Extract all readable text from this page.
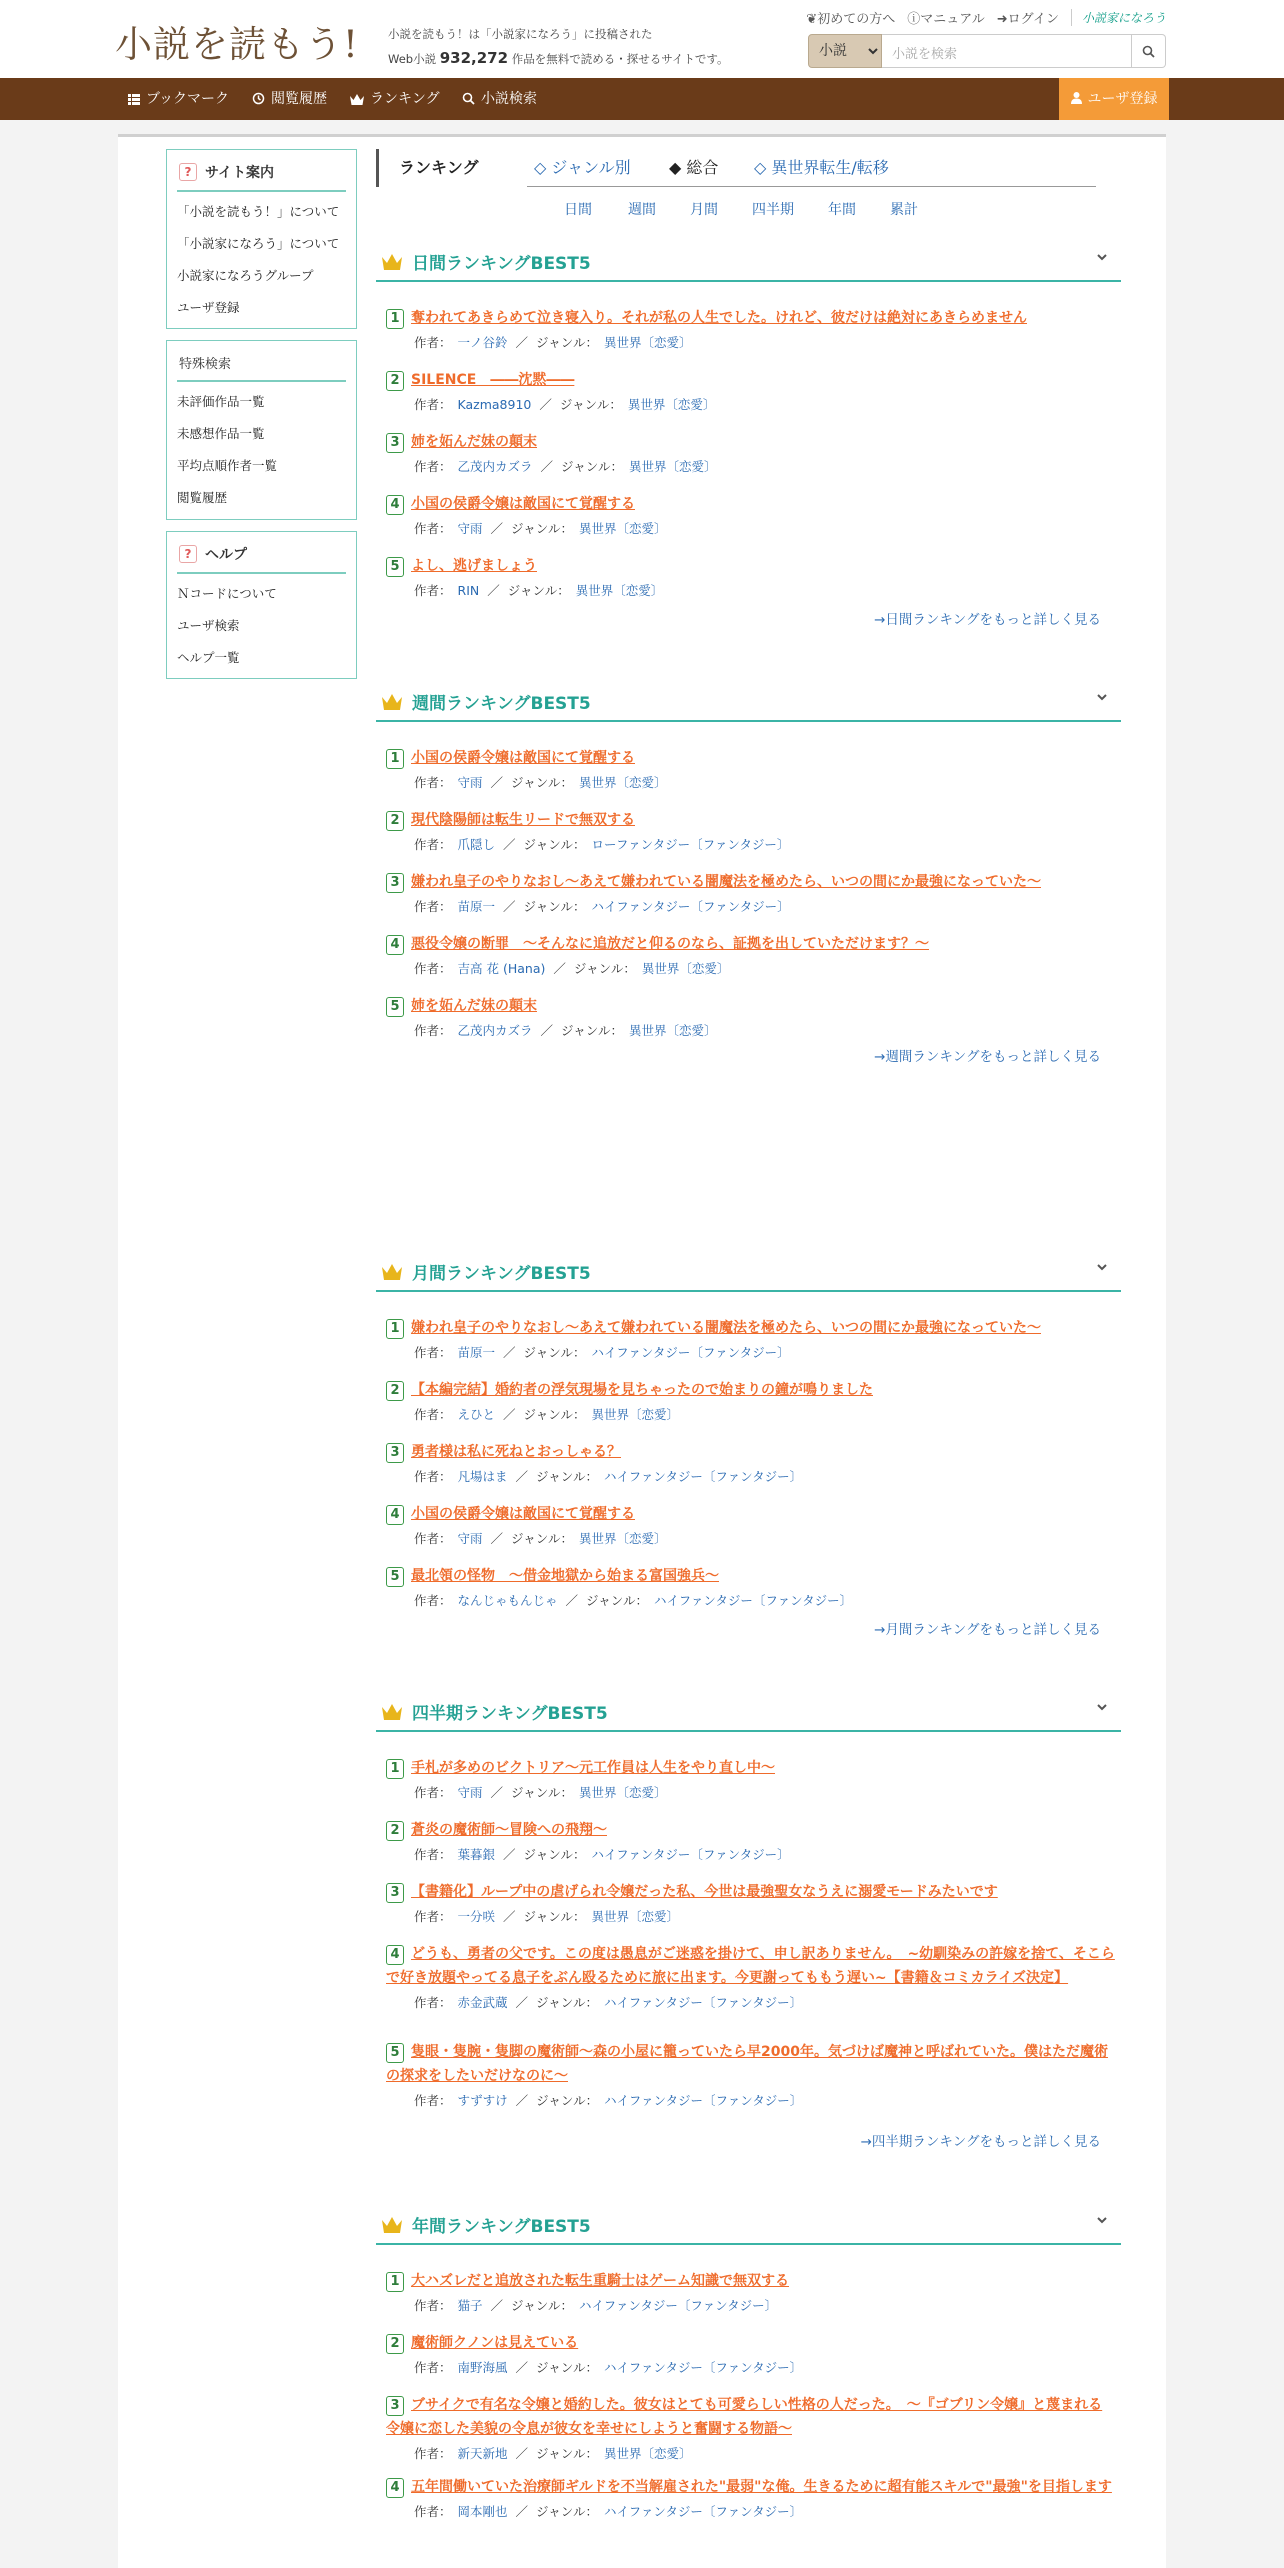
小説を読もう!	小説を読もう！は「小説家になろう」に投稿された
Web小説 932,272 作品を無料で読める・探せるサイトです。
❦初めての方へ ⓘマニュアル ➜ログイン	小説家になろう
小説
小説を検索
ブックマーク	閲覧履歴	ランキング	小説検索	ユーザ登録
? サイト案内
「小説を読もう！」について
「小説家になろう」について
小説家になろうグループ
ユーザ登録
特殊検索
未評価作品一覧
未感想作品一覧
平均点順作者一覧
閲覧履歴
? ヘルプ
Ｎコードについて
ユーザ検索
ヘルプ一覧
ランキング	◇ ジャンル別 ◆ 総合 ◇ 異世界転生/転移
日間	週間 月間 四半期 年間 累計
日間ランキングBEST5
1 奪われてあきらめて泣き寝入り。それが私の人生でした。けれど、彼だけは絶対にあきらめません
作者： 一ノ谷鈴 ／ ジャンル： 異世界〔恋愛〕
2 SILENCE　――沈黙――
作者： Kazma8910 ／ ジャンル： 異世界〔恋愛〕
3 姉を妬んだ妹の顛末
作者： 乙茂内カズラ ／ ジャンル： 異世界〔恋愛〕
4 小国の侯爵令嬢は敵国にて覚醒する
作者： 守雨 ／ ジャンル： 異世界〔恋愛〕
5 よし、逃げましょう
作者： RIN ／ ジャンル： 異世界〔恋愛〕
→日間ランキングをもっと詳しく見る
週間ランキングBEST5
1 小国の侯爵令嬢は敵国にて覚醒する
作者： 守雨 ／ ジャンル： 異世界〔恋愛〕
2 現代陰陽師は転生リードで無双する
作者： 爪隠し ／ ジャンル： ローファンタジー〔ファンタジー〕
3 嫌われ皇子のやりなおし～あえて嫌われている闇魔法を極めたら、いつの間にか最強になっていた～
作者： 苗原一 ／ ジャンル： ハイファンタジー〔ファンタジー〕
4 悪役令嬢の断罪　～そんなに追放だと仰るのなら、証拠を出していただけます？～
作者： 吉高 花 (Hana) ／ ジャンル： 異世界〔恋愛〕
5 姉を妬んだ妹の顛末
作者： 乙茂内カズラ ／ ジャンル： 異世界〔恋愛〕
→週間ランキングをもっと詳しく見る
月間ランキングBEST5
1 嫌われ皇子のやりなおし～あえて嫌われている闇魔法を極めたら、いつの間にか最強になっていた～
作者： 苗原一 ／ ジャンル： ハイファンタジー〔ファンタジー〕
2 【本編完結】婚約者の浮気現場を見ちゃったので始まりの鐘が鳴りました
作者： えひと ／ ジャンル： 異世界〔恋愛〕
3 勇者様は私に死ねとおっしゃる？
作者： 凡場はま ／ ジャンル： ハイファンタジー〔ファンタジー〕
4 小国の侯爵令嬢は敵国にて覚醒する
作者： 守雨 ／ ジャンル： 異世界〔恋愛〕
5 最北領の怪物　～借金地獄から始まる富国強兵～
作者： なんじゃもんじゃ ／ ジャンル： ハイファンタジー〔ファンタジー〕
→月間ランキングをもっと詳しく見る
四半期ランキングBEST5
1 手札が多めのビクトリア〜元工作員は人生をやり直し中〜
作者： 守雨 ／ ジャンル： 異世界〔恋愛〕
2 蒼炎の魔術師〜冒険への飛翔〜
作者： 葉暮銀 ／ ジャンル： ハイファンタジー〔ファンタジー〕
3 【書籍化】ループ中の虐げられ令嬢だった私、今世は最強聖女なうえに溺愛モードみたいです
作者： 一分咲 ／ ジャンル： 異世界〔恋愛〕
4 どうも、勇者の父です。この度は愚息がご迷惑を掛けて、申し訳ありません。　~幼馴染みの許嫁を捨て、そこらで好き放題やってる息子をぶん殴るために旅に出ます。今更謝ってももう遅い~【書籍＆コミカライズ決定】
作者： 赤金武蔵 ／ ジャンル： ハイファンタジー〔ファンタジー〕
5 隻眼・隻腕・隻脚の魔術師～森の小屋に籠っていたら早2000年。気づけば魔神と呼ばれていた。僕はただ魔術の探求をしたいだけなのに～
作者： すずすけ ／ ジャンル： ハイファンタジー〔ファンタジー〕
→四半期ランキングをもっと詳しく見る
年間ランキングBEST5
1 大ハズレだと追放された転生重騎士はゲーム知識で無双する
作者： 猫子 ／ ジャンル： ハイファンタジー〔ファンタジー〕
2 魔術師クノンは見えている
作者： 南野海風 ／ ジャンル： ハイファンタジー〔ファンタジー〕
3 ブサイクで有名な令嬢と婚約した。彼女はとても可愛らしい性格の人だった。　～『ゴブリン令嬢』と蔑まれる令嬢に恋した美貌の令息が彼女を幸せにしようと奮闘する物語～
作者： 新天新地 ／ ジャンル： 異世界〔恋愛〕
4 五年間働いていた治療師ギルドを不当解雇された"最弱"な俺。生きるために超有能スキルで"最強"を目指します
作者： 岡本剛也 ／ ジャンル： ハイファンタジー〔ファンタジー〕
